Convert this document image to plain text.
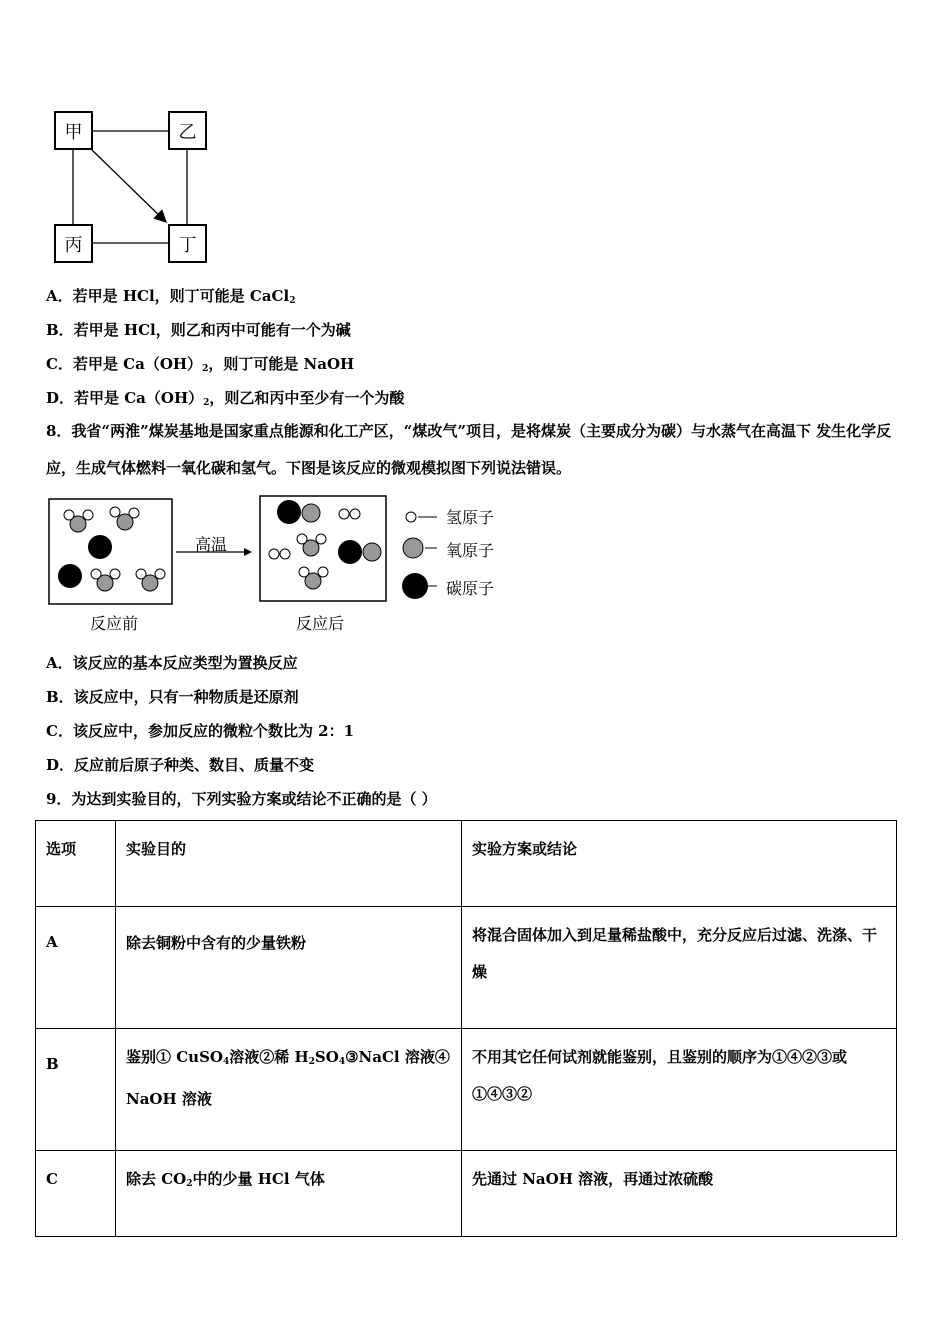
甲	乙
丙	丁
A．若甲是 HCl，则丁可能是 CaCl$_2$
B．若甲是 HCl，则乙和丙中可能有一个为碱
C．若甲是 $Ca(OH)_2$，则丁可能是 NaOH
D．若甲是 $Ca(OH)_2$，则乙和丙中至少有一个为酸
8．我省“两淮”煤炭基地是国家重点能源和化工产区，“煤改气”项目，是将煤炭（主要成分为碳）与水蒸气在高温下 发生化学反应，生成气体燃料一氧化碳和氢气。下图是该反应的微观模拟图下列说法错误。
高温
反应前	反应后
氢原子
氧原子
碳原子
A．该反应的基本反应类型为置换反应
B．该反应中，只有一种物质是还原剂
C．该反应中，参加反应的微粒个数比为 2：1
D．反应前后原子种类、数目、质量不变
9．为达到实验目的，下列实验方案或结论不正确的是（ ）
选项	实验目的	实验方案或结论
A	除去铜粉中含有的少量铁粉	将混合固体加入到足量稀盐酸中，充分反应后过滤、洗涤、干燥
B	鉴别① CuSO$_4$溶液②稀 $H_2SO_4③NaCl$ 溶液④ NaOH 溶液	不用其它任何试剂就能鉴别，且鉴别的顺序为①④②③或①④③②
C	除去 $CO_2$中的少量 HCl 气体	先通过 NaOH 溶液，再通过浓硫酸
